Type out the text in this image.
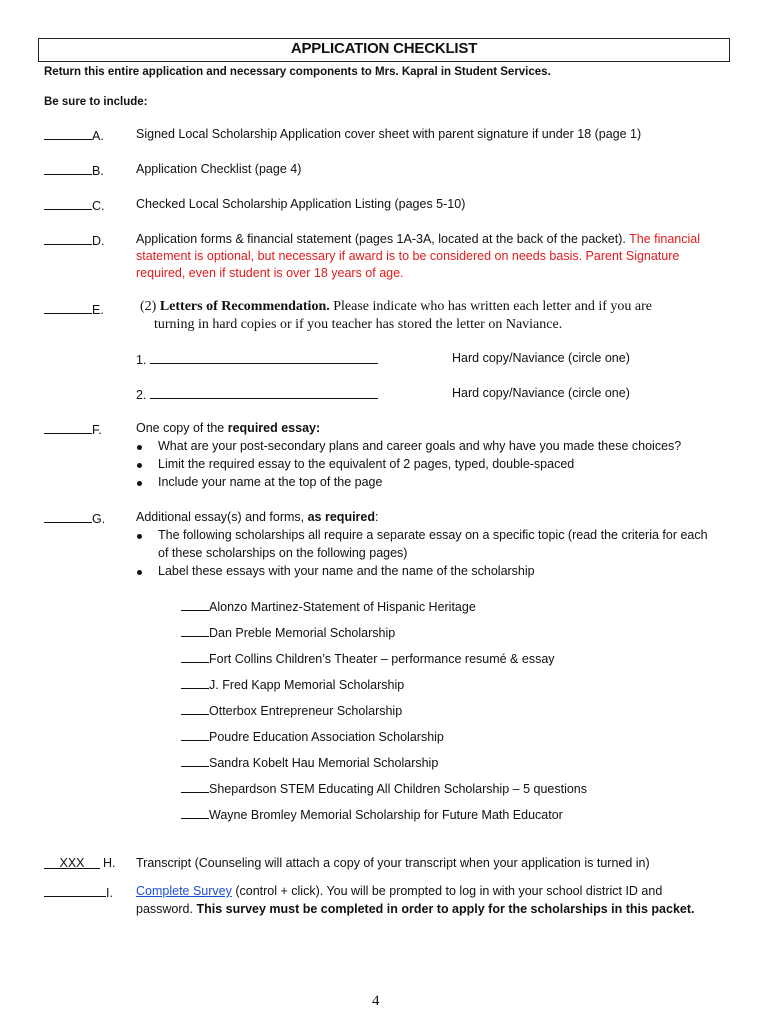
APPLICATION CHECKLIST
Return this entire application and necessary components to Mrs. Kapral in Student Services.
Be sure to include:
A.	Signed Local Scholarship Application cover sheet with parent signature if under 18 (page 1)
B.	Application Checklist (page 4)
C.	Checked Local Scholarship Application Listing (pages 5-10)
D.	Application forms & financial statement (pages 1A-3A, located at the back of the packet). The financial
statement is optional, but necessary if award is to be considered on needs basis. Parent Signature
required, even if student is over 18 years of age.
E.	(2) Letters of Recommendation. Please indicate who has written each letter and if you are
turning in hard copies or if you teacher has stored the letter on Naviance.
1.	Hard copy/Naviance (circle one)
2.	Hard copy/Naviance (circle one)
F.	One copy of the required essay:
What are your post-secondary plans and career goals and why have you made these choices?
Limit the required essay to the equivalent of 2 pages, typed, double-spaced
Include your name at the top of the page
G. Additional essay(s) and forms, as required:
The following scholarships all require a separate essay on a specific topic (read the criteria for each
of these scholarships on the following pages)
Label these essays with your name and the name of the scholarship
Alonzo Martinez-Statement of Hispanic Heritage
Dan Preble Memorial Scholarship
Fort Collins Children’s Theater – performance resumé & essay
J. Fred Kapp Memorial Scholarship
Otterbox Entrepreneur Scholarship
Poudre Education Association Scholarship
Sandra Kobelt Hau Memorial Scholarship
Shepardson STEM Educating All Children Scholarship – 5 questions
Wayne Bromley Memorial Scholarship for Future Math Educator
XXX H. Transcript (Counseling will attach a copy of your transcript when your application is turned in)
I. Complete Survey (control + click). You will be prompted to log in with your school district ID and
password. This survey must be completed in order to apply for the scholarships in this packet.
4
